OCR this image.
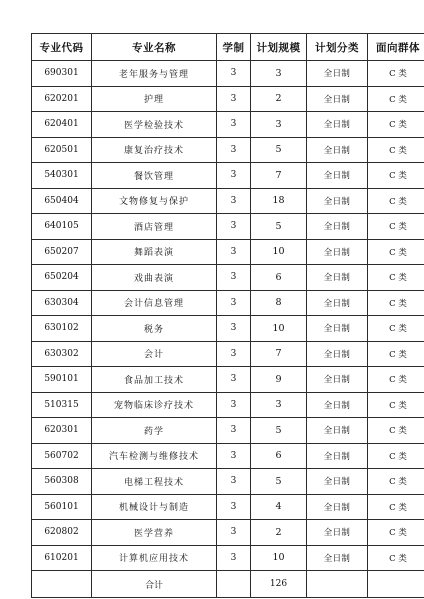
专业代码	专业名称	学制	计划规模	计划分类	面向群体
690301	老年服务与管理	3	3	全日制	C 类
620201	护理	3	2	全日制	C 类
620401	医学检验技术	3	3	全日制	C 类
620501	康复治疗技术	3	5	全日制	C 类
540301	餐饮管理	3	7	全日制	C 类
650404	文物修复与保护	3	18	全日制	C 类
640105	酒店管理	3	5	全日制	C 类
650207	舞蹈表演	3	10	全日制	C 类
650204	戏曲表演	3	6	全日制	C 类
630304	会计信息管理	3	8	全日制	C 类
630102	税务	3	10	全日制	C 类
630302	会计	3	7	全日制	C 类
590101	食品加工技术	3	9	全日制	C 类
510315	宠物临床诊疗技术	3	3	全日制	C 类
620301	药学	3	5	全日制	C 类
560702	汽车检测与维修技术	3	6	全日制	C 类
560308	电梯工程技术	3	5	全日制	C 类
560101	机械设计与制造	3	4	全日制	C 类
620802	医学营养	3	2	全日制	C 类
610201	计算机应用技术	3	10	全日制	C 类
	合计		126		
